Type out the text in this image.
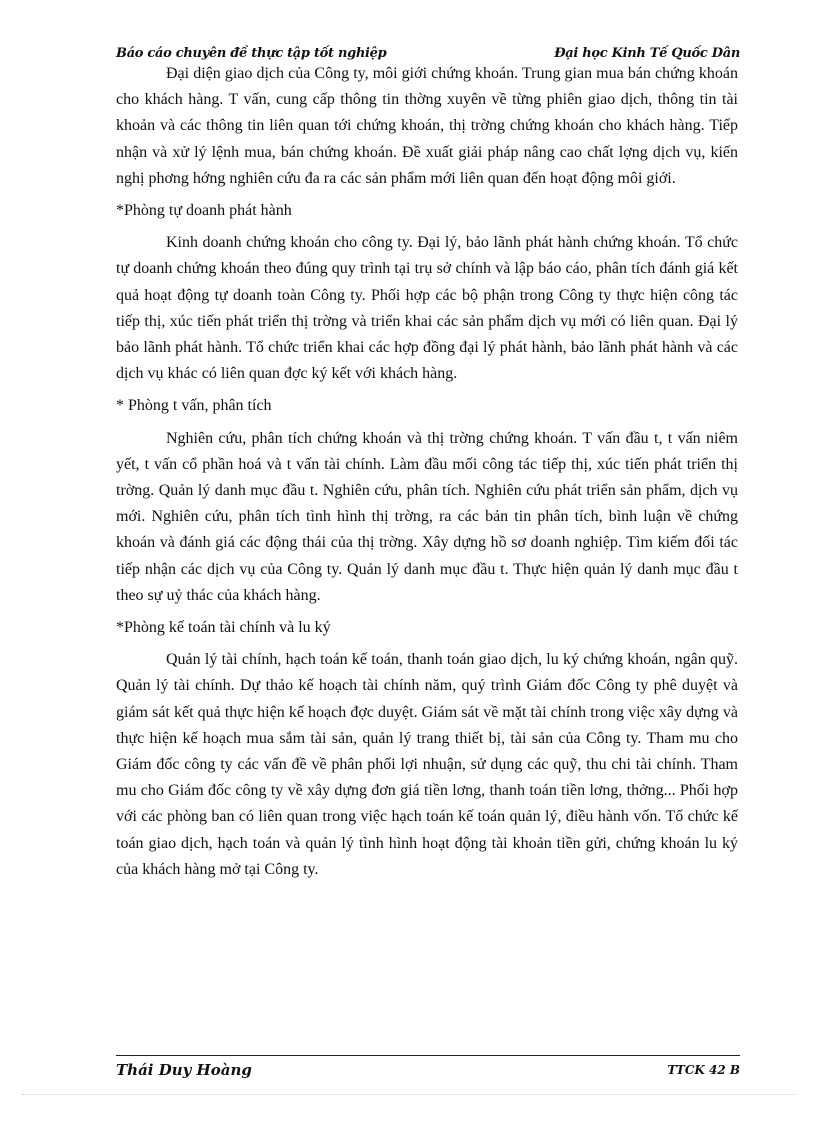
Báo cáo chuyên đề thực tập tốt nghiệp	Đại học Kinh Tế Quốc Dân

Đại diện giao dịch của Công ty, môi giới chứng khoán. Trung gian mua bán chứng khoán cho khách hàng. T vấn, cung cấp thông tin thờng xuyên về từng phiên giao dịch, thông tin tài khoản và các thông tin liên quan tới chứng khoán, thị trờng chứng khoán cho khách hàng. Tiếp nhận và xử lý lệnh mua, bán chứng khoán. Đề xuất giải pháp nâng cao chất lợng dịch vụ, kiến nghị phơng hớng nghiên cứu đa ra các sản phẩm mới liên quan đến hoạt động môi giới.

*Phòng tự doanh phát hành

Kinh doanh chứng khoán cho công ty. Đại lý, bảo lãnh phát hành chứng khoán. Tổ chức tự doanh chứng khoán theo đúng quy trình tại trụ sở chính và lập báo cáo, phân tích đánh giá kết quả hoạt động tự doanh toàn Công ty. Phối hợp các bộ phận trong Công ty thực hiện công tác tiếp thị, xúc tiến phát triển thị trờng và triển khai các sản phẩm dịch vụ mới có liên quan. Đại lý bảo lãnh phát hành. Tổ chức triển khai các hợp đồng đại lý phát hành, bảo lãnh phát hành và các dịch vụ khác có liên quan đợc ký kết với khách hàng.

* Phòng t vấn, phân tích

Nghiên cứu, phân tích chứng khoán và thị trờng chứng khoán. T vấn đầu t, t vấn niêm yết, t vấn cổ phần hoá và t vấn tài chính. Làm đầu mối công tác tiếp thị, xúc tiến phát triển thị trờng. Quản lý danh mục đầu t. Nghiên cứu, phân tích. Nghiên cứu phát triển sản phẩm, dịch vụ mới. Nghiên cứu, phân tích tình hình thị trờng, ra các bản tin phân tích, bình luận về chứng khoán và đánh giá các động thái của thị trờng. Xây dựng hồ sơ doanh nghiệp. Tìm kiếm đối tác tiếp nhận các dịch vụ của Công ty. Quản lý danh mục đầu t. Thực hiện quản lý danh mục đầu t theo sự uỷ thác của khách hàng.

*Phòng kế toán tài chính và lu ký

Quản lý tài chính, hạch toán kế toán, thanh toán giao dịch, lu ký chứng khoán, ngân quỹ. Quản lý tài chính. Dự thảo kế hoạch tài chính năm, quý trình Giám đốc Công ty phê duyệt và giám sát kết quả thực hiện kế hoạch đợc duyệt. Giám sát về mặt tài chính trong việc xây dựng và thực hiện kế hoạch mua sắm tài sản, quản lý trang thiết bị, tài sản của Công ty. Tham mu cho Giám đốc công ty các vấn đề về phân phối lợi nhuận, sử dụng các quỹ, thu chi tài chính. Tham mu cho Giám đốc công ty về xây dựng đơn giá tiền lơng, thanh toán tiền lơng, thởng... Phối hợp với các phòng ban có liên quan trong việc hạch toán kế toán quản lý, điều hành vốn. Tổ chức kế toán giao dịch, hạch toán và quản lý tình hình hoạt động tài khoản tiền gửi, chứng khoán lu ký của khách hàng mở tại Công ty.

Thái Duy Hoàng	TTCK 42 B
